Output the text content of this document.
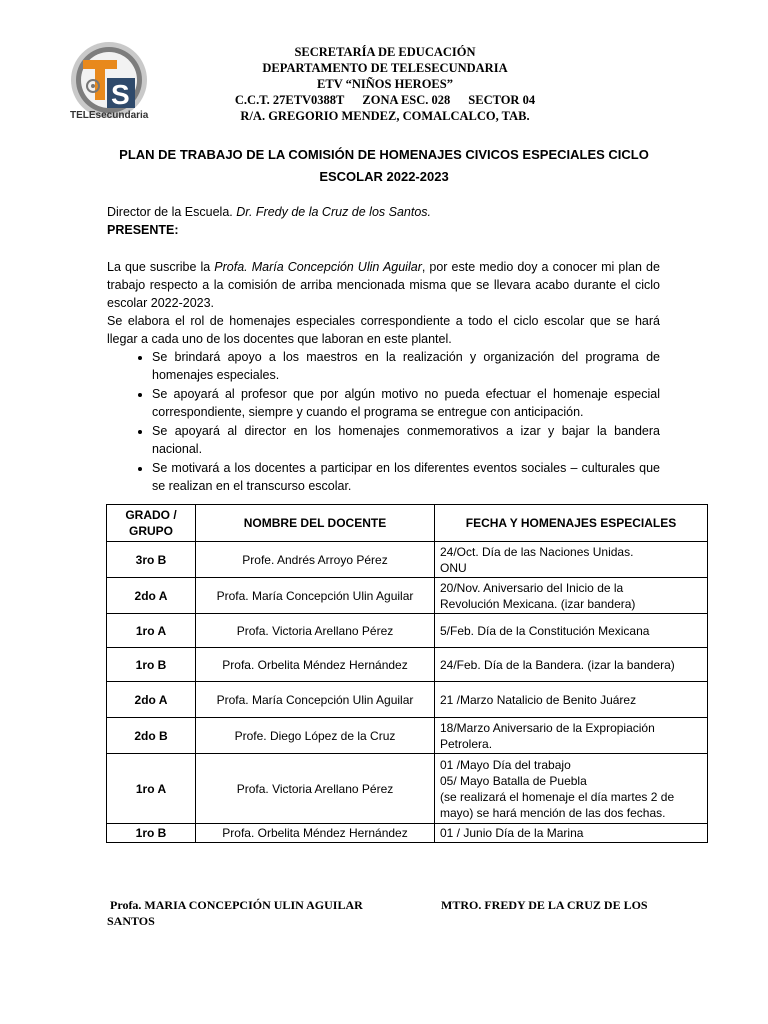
S
TELEsecundaria
SECRETARÍA DE EDUCACIÓN
DEPARTAMENTO DE TELESECUNDARIA
ETV “NIÑOS HEROES”
C.C.T. 27ETV0388T ZONA ESC. 028 SECTOR 04
R/A. GREGORIO MENDEZ, COMALCALCO, TAB.
PLAN DE TRABAJO DE LA COMISIÓN DE HOMENAJES CIVICOS ESPECIALES CICLO
ESCOLAR 2022-2023
Director de la Escuela. Dr. Fredy de la Cruz de los Santos.
PRESENTE:

La que suscribe la Profa. María Concepción Ulin Aguilar, por este medio doy a conocer mi plan de trabajo respecto a la comisión de arriba mencionada misma que se llevara acabo durante el ciclo escolar 2022-2023.

Se elabora el rol de homenajes especiales correspondiente a todo el ciclo escolar que se hará llegar a cada uno de los docentes que laboran en este plantel.

• Se brindará apoyo a los maestros en la realización y organización del programa de homenajes especiales.
• Se apoyará al profesor que por algún motivo no pueda efectuar el homenaje especial correspondiente, siempre y cuando el programa se entregue con anticipación.
• Se apoyará al director en los homenajes conmemorativos a izar y bajar la bandera nacional.
• Se motivará a los docentes a participar en los diferentes eventos sociales – culturales que se realizan en el transcurso escolar.
GRADO / GRUPO	NOMBRE DEL DOCENTE	FECHA Y HOMENAJES ESPECIALES
3ro B	Profe. Andrés Arroyo Pérez	24/Oct. Día de las Naciones Unidas.
ONU

2do A	Profa. María Concepción Ulin Aguilar	20/Nov. Aniversario del Inicio de la
Revolución Mexicana. (izar bandera)

1ro A	Profa. Victoria Arellano Pérez	5/Feb. Día de la Constitución Mexicana

1ro B	Profa. Orbelita Méndez Hernández	24/Feb. Día de la Bandera. (izar la bandera)

2do A	Profa. María Concepción Ulin Aguilar	21 /Marzo Natalicio de Benito Juárez

2do B	Profe. Diego López de la Cruz	18/Marzo Aniversario de la Expropiación
Petrolera.

1ro A	Profa. Victoria Arellano Pérez	01 /Mayo Día del trabajo
05/ Mayo Batalla de Puebla
(se realizará el homenaje el día martes 2 de
mayo) se hará mención de las dos fechas.

1ro B	Profa. Orbelita Méndez Hernández	01 / Junio Día de la Marina
Profa. MARIA CONCEPCIÓN ULIN AGUILAR
SANTOS
MTRO. FREDY DE LA CRUZ DE LOS
